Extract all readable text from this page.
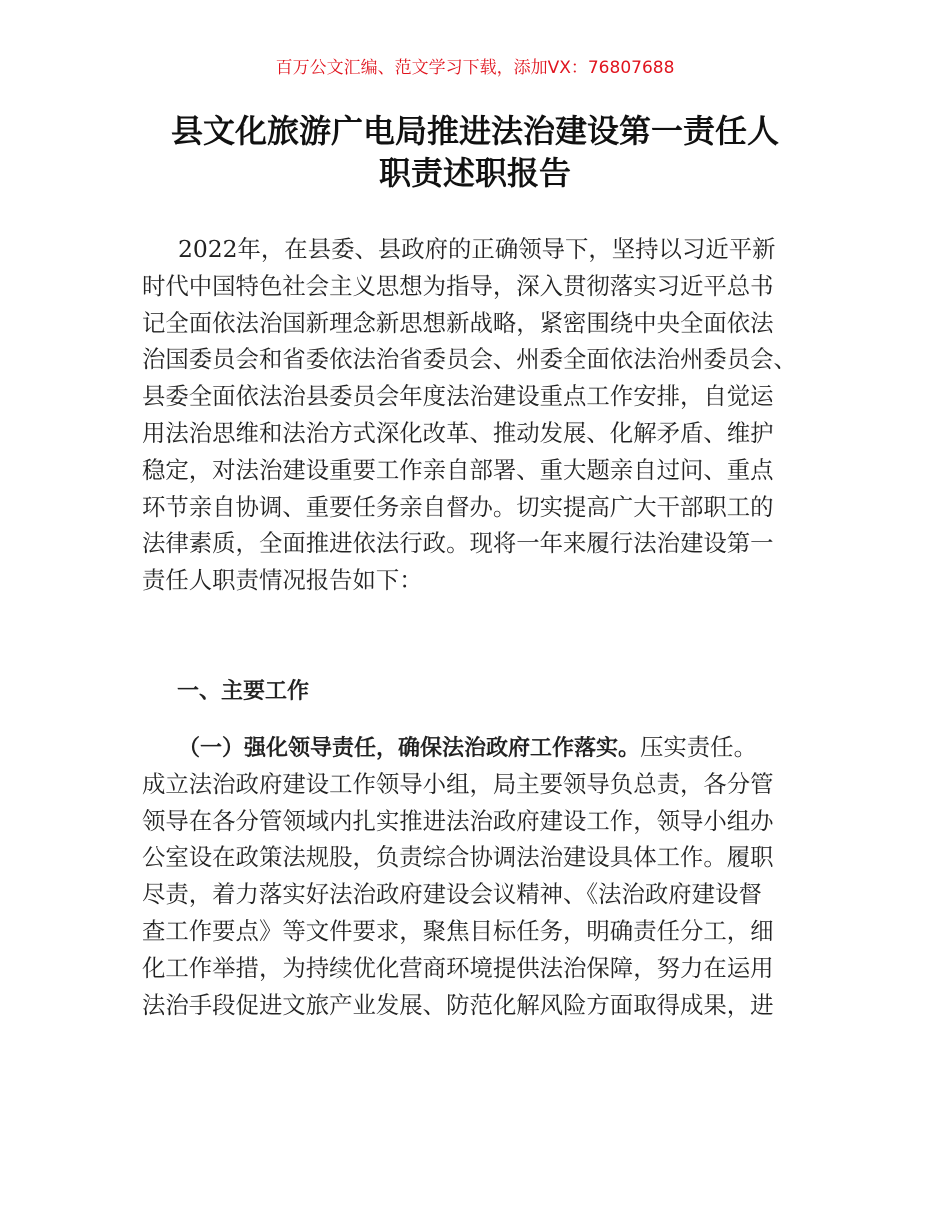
百万公文汇编、范文学习下载，添加VX：76807688
县文化旅游广电局推进法治建设第一责任人
职责述职报告
2022年，在县委、县政府的正确领导下，坚持以习近平新
时代中国特色社会主义思想为指导，深入贯彻落实习近平总书
记全面依法治国新理念新思想新战略，紧密围绕中央全面依法
治国委员会和省委依法治省委员会、州委全面依法治州委员会、
县委全面依法治县委员会年度法治建设重点工作安排，自觉运
用法治思维和法治方式深化改革、推动发展、化解矛盾、维护
稳定，对法治建设重要工作亲自部署、重大题亲自过问、重点
环节亲自协调、重要任务亲自督办。切实提高广大干部职工的
法律素质，全面推进依法行政。现将一年来履行法治建设第一
责任人职责情况报告如下：
一、主要工作
（一）强化领导责任，确保法治政府工作落实。压实责任。
成立法治政府建设工作领导小组，局主要领导负总责，各分管
领导在各分管领域内扎实推进法治政府建设工作，领导小组办
公室设在政策法规股，负责综合协调法治建设具体工作。履职
尽责，着力落实好法治政府建设会议精神、《法治政府建设督
查工作要点》等文件要求，聚焦目标任务，明确责任分工，细
化工作举措，为持续优化营商环境提供法治保障，努力在运用
法治手段促进文旅产业发展、防范化解风险方面取得成果，进
